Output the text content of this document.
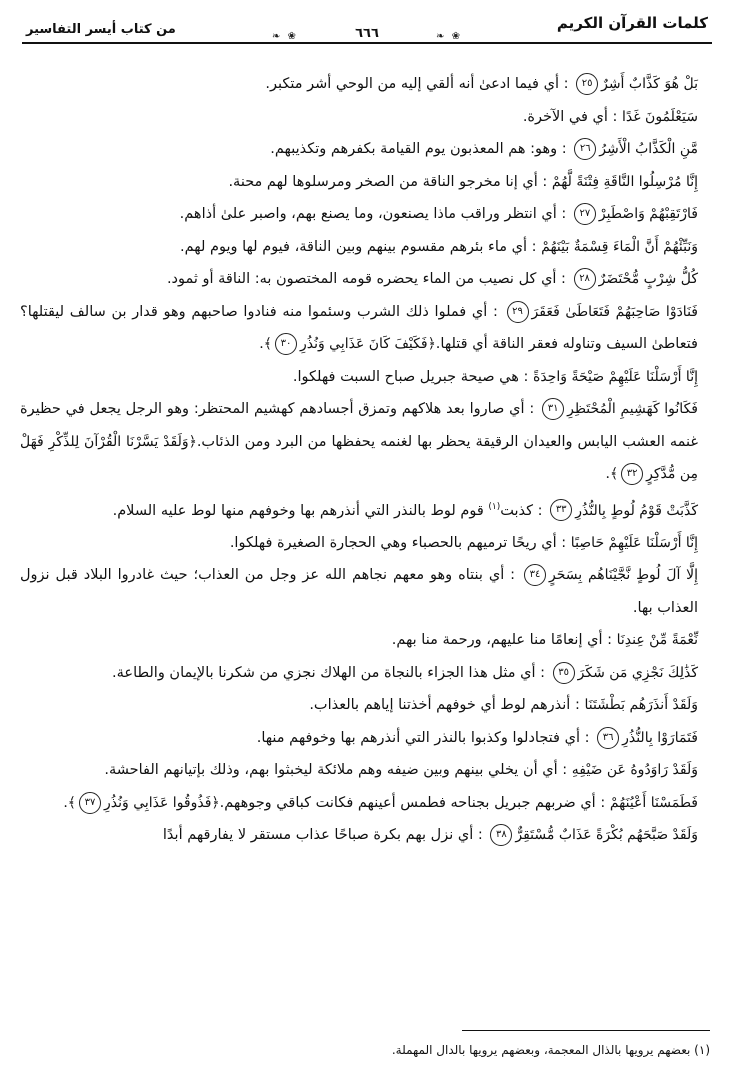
كلمات القرآن الكريم
❀ ❧
٦٦٦
❀ ❧
من كتاب أيسر التفاسير

بَلْ هُوَ كَذَّابٌ أَشِرٌ٢٥ : أي فيما ادعىٰ أنه ألقي إليه من الوحي أشر متكبر.

سَيَعْلَمُونَ غَدًا : أي في الآخرة.

مَّنِ الْكَذَّابُ الْأَشِرُ٢٦ : وهو: هم المعذبون يوم القيامة بكفرهم وتكذيبهم.

إِنَّا مُرْسِلُوا النَّاقَةِ فِتْنَةً لَّهُمْ : أي إنا مخرجو الناقة من الصخر ومرسلوها لهم محنة.

فَارْتَقِبْهُمْ وَاصْطَبِرْ٢٧ : أي انتظر وراقب ماذا يصنعون، وما يصنع بهم، واصبر علىٰ أذاهم.

وَنَبِّئْهُمْ أَنَّ الْمَاءَ قِسْمَةٌ بَيْنَهُمْ : أي ماء بئرهم مقسوم بينهم وبين الناقة، فيوم لها ويوم لهم.

كُلُّ شِرْبٍ مُّحْتَضَرٌ٢٨ : أي كل نصيب من الماء يحضره قومه المختصون به: الناقة أو ثمود.

فَنَادَوْا صَاحِبَهُمْ فَتَعَاطَىٰ فَعَقَرَ٢٩ : أي فملوا ذلك الشرب وسئموا منه فنادوا صاحبهم وهو قدار بن سالف ليقتلها؟ فتعاطىٰ السيف وتناوله فعقر الناقة أي قتلها.﴿فَكَيْفَ كَانَ عَذَابِي وَنُذُرِ٣٠﴾.

إِنَّا أَرْسَلْنَا عَلَيْهِمْ صَيْحَةً وَاحِدَةً : هي صيحة جبريل صباح السبت فهلكوا.

فَكَانُوا كَهَشِيمِ الْمُحْتَظِرِ٣١ : أي صاروا بعد هلاكهم وتمزق أجسادهم كهشيم المحتظر: وهو الرجل يجعل في حظيرة غنمه العشب اليابس والعيدان الرقيقة يحظر بها لغنمه يحفظها من البرد ومن الذئاب.﴿وَلَقَدْ يَسَّرْنَا الْقُرْآنَ لِلذِّكْرِ فَهَلْ مِن مُّدَّكِرٍ٣٢﴾.

كَذَّبَتْ قَوْمُ لُوطٍ بِالنُّذُرِ٣٣ : كذبت$^{(١)}$ قوم لوط بالنذر التي أنذرهم بها وخوفهم منها لوط عليه السلام.

إِنَّا أَرْسَلْنَا عَلَيْهِمْ حَاصِبًا : أي ريحًا ترميهم بالحصباء وهي الحجارة الصغيرة فهلكوا.

إِلَّا آلَ لُوطٍ نَّجَّيْنَاهُم بِسَحَرٍ٣٤ : أي بنتاه وهو معهم نجاهم الله عز وجل من العذاب؛ حيث غادروا البلاد قبل نزول العذاب بها.

نِّعْمَةً مِّنْ عِندِنَا : أي إنعامًا منا عليهم، ورحمة منا بهم.

كَذَٰلِكَ نَجْزِي مَن شَكَرَ٣٥ : أي مثل هذا الجزاء بالنجاة من الهلاك نجزي من شكرنا بالإيمان والطاعة.

وَلَقَدْ أَنذَرَهُم بَطْشَتَنَا : أنذرهم لوط أي خوفهم أخذتنا إياهم بالعذاب.

فَتَمَارَوْا بِالنُّذُرِ٣٦ : أي فتجادلوا وكذبوا بالنذر التي أنذرهم بها وخوفهم منها.

وَلَقَدْ رَاوَدُوهُ عَن ضَيْفِهِ : أي أن يخلي بينهم وبين ضيفه وهم ملائكة ليخبثوا بهم، وذلك بإتيانهم الفاحشة.

فَطَمَسْنَا أَعْيُنَهُمْ : أي ضربهم جبريل بجناحه فطمس أعينهم فكانت كباقي وجوههم.﴿فَذُوقُوا عَذَابِي وَنُذُرِ٣٧﴾.

وَلَقَدْ صَبَّحَهُم بُكْرَةً عَذَابٌ مُّسْتَقِرٌّ٣٨ : أي نزل بهم بكرة صباحًا عذاب مستقر لا يفارقهم أبدًا

(١) بعضهم يرويها بالذال المعجمة، وبعضهم يرويها بالدال المهملة.
